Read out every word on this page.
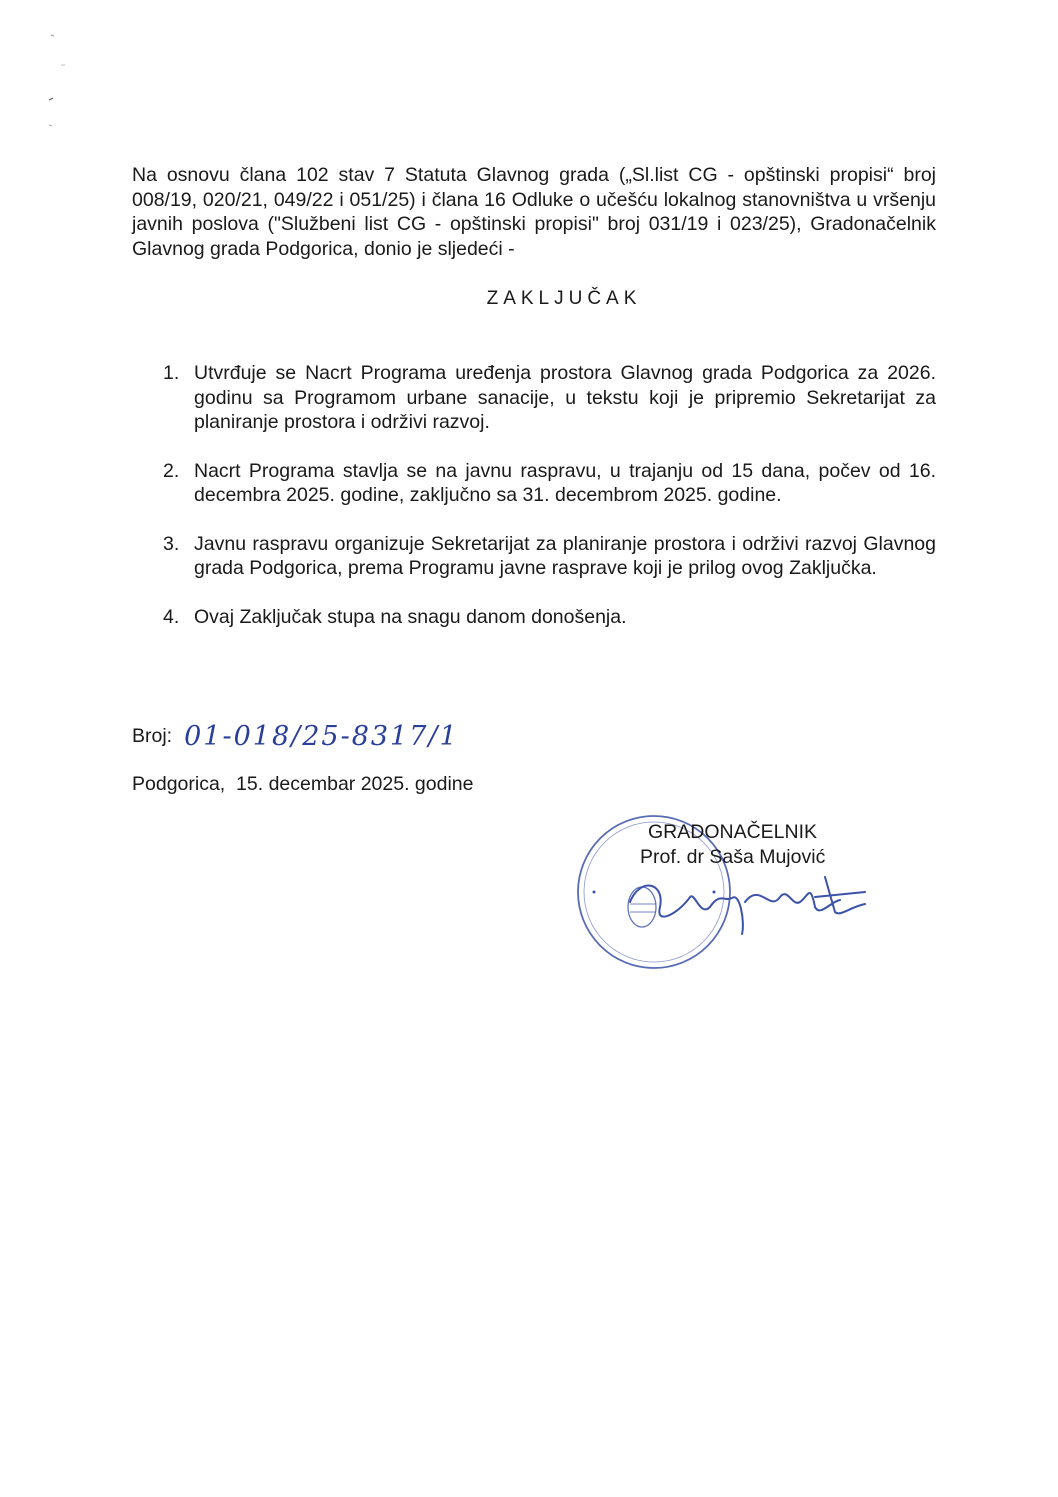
Na osnovu člana 102 stav 7 Statuta Glavnog grada („Sl.list CG - opštinski propisi“ broj 008/19, 020/21, 049/22 i 051/25) i člana 16 Odluke o učešću lokalnog stanovništva u vršenju javnih poslova ("Službeni list CG - opštinski propisi" broj 031/19 i 023/25), Gradonačelnik Glavnog grada Podgorica, donio je sljedeći -

ZAKLJUČAK
1. Utvrđuje se Nacrt Programa uređenja prostora Glavnog grada Podgorica za 2026. godinu sa Programom urbane sanacije, u tekstu koji je pripremio Sekretarijat za planiranje prostora i održivi razvoj.
2. Nacrt Programa stavlja se na javnu raspravu, u trajanju od 15 dana, počev od 16. decembra 2025. godine, zaključno sa 31. decembrom 2025. godine.
3. Javnu raspravu organizuje Sekretarijat za planiranje prostora i održivi razvoj Glavnog grada Podgorica, prema Programu javne rasprave koji je prilog ovog Zaključka.
4. Ovaj Zaključak stupa na snagu danom donošenja.
Broj: 01-018/25-8317/1
Podgorica,  15. decembar 2025. godine
GRADONAČELNIK
Prof. dr Saša Mujović
